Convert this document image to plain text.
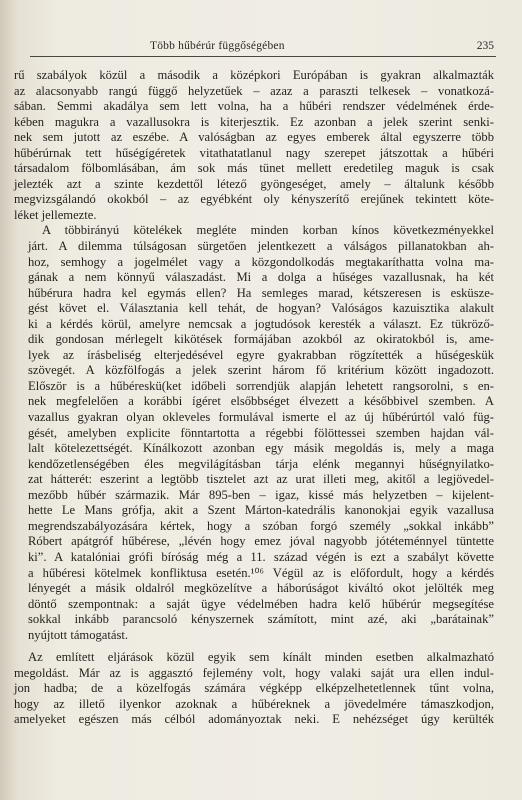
Több hűbérúr függőségében	235

rű szabályok közül a második a középkori Európában is gyakran alkalmazták
az alacsonyabb rangú függő helyzetűek – azaz a paraszti telkesek – vonatkozá-
sában. Semmi akadálya sem lett volna, ha a hűbéri rendszer védelmének érde-
kében magukra a vazallusokra is kiterjesztik. Ez azonban a jelek szerint senki-
nek sem jutott az eszébe. A valóságban az egyes emberek által egyszerre több
hűbérúrnak tett hűségígéretek vitathatatlanul nagy szerepet játszottak a hűbéri
társadalom fölbomlásában, ám sok más tünet mellett eredetileg maguk is csak
jelezték azt a szinte kezdettől létező gyöngeséget, amely – általunk később
megvizsgálandó okokból – az egyébként oly kényszerítő erejűnek tekintett köte-
léket jellemezte.

A többirányú kötelékek megléte minden korban kínos következményekkel
járt. A dilemma túlságosan sürgetően jelentkezett a válságos pillanatokban ah-
hoz, semhogy a jogelmélet vagy a közgondolkodás megtakaríthatta volna ma-
gának a nem könnyű válaszadást. Mi a dolga a hűséges vazallusnak, ha két
hűbérura hadra kel egymás ellen? Ha semleges marad, kétszeresen is esküsze-
gést követ el. Választania kell tehát, de hogyan? Valóságos kazuisztika alakult
ki a kérdés körül, amelyre nemcsak a jogtudósok keresték a választ. Ez tükröző-
dik gondosan mérlegelt kikötések formájában azokból az okiratokból is, ame-
lyek az írásbeliség elterjedésével egyre gyakrabban rögzítették a hűségeskük
szövegét. A közfölfogás a jelek szerint három fő kritérium között ingadozott.
Először is a hűbéreskü(ket időbeli sorrendjük alapján lehetett rangsorolni, s en-
nek megfelelően a korábbi ígéret elsőbbséget élvezett a későbbivel szemben. A
vazallus gyakran olyan okleveles formulával ismerte el az új hűbérúrtól való füg-
gését, amelyben explicite fönntartotta a régebbi fölöttessei szemben hajdan vál-
lalt kötelezettségét. Kínálkozott azonban egy másik megoldás is, mely a maga
kendőzetlenségében éles megvilágításban tárja elénk megannyi hűségnyilatko-
zat hátterét: eszerint a legtöbb tisztelet azt az urat illeti meg, akitől a legjövedel-
mezőbb hűbér származik. Már 895-ben – igaz, kissé más helyzetben – kijelent-
hette Le Mans grófja, akit a Szent Márton-katedrális kanonokjai egyik vazallusa
megrendszabályozására kértek, hogy a szóban forgó személy „sokkal inkább”
Róbert apátgróf hűbérese, „lévén hogy emez jóval nagyobb jótéteménnyel tüntette
ki”. A katalóniai grófi bíróság még a 11. század végén is ezt a szabályt követte
a hűbéresi kötelmek konfliktusa esetén.¹⁰⁶ Végül az is előfordult, hogy a kérdés
lényegét a másik oldalról megközelítve a háborúságot kiváltó okot jelölték meg
döntő szempontnak: a saját ügye védelmében hadra kelő hűbérúr megsegítése
sokkal inkább parancsoló kényszernek számított, mint azé, aki „barátainak”
nyújtott támogatást.

Az említett eljárások közül egyik sem kínált minden esetben alkalmazható
megoldást. Már az is aggasztó fejlemény volt, hogy valaki saját ura ellen indul-
jon hadba; de a közelfogás számára végképp elképzelhetetlennek tűnt volna,
hogy az illető ilyenkor azoknak a hűbéreknek a jövedelmére támaszkodjon,
amelyeket egészen más célból adományoztak neki. E nehézséget úgy kerülték
